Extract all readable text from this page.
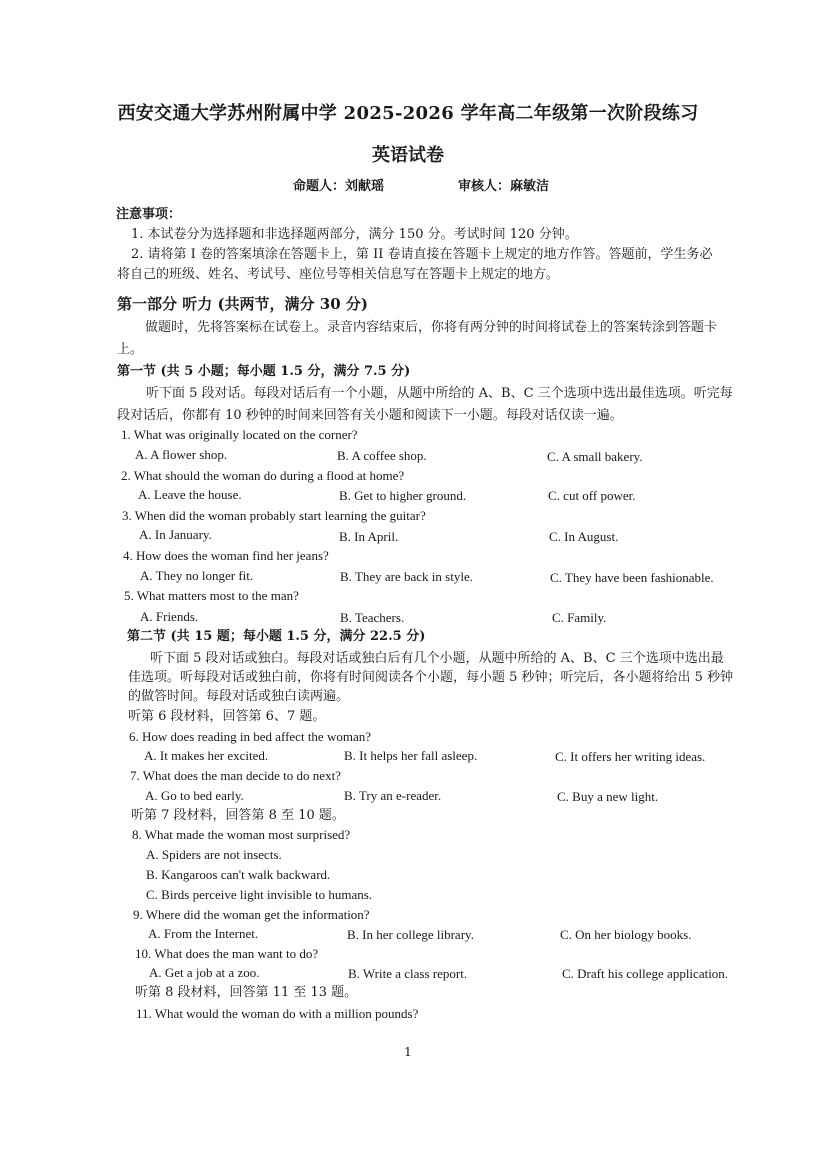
西安交通大学苏州附属中学 2025-2026 学年高二年级第一次阶段练习
英语试卷
命题人：刘献瑶	审核人：麻敏洁
注意事项：
1. 本试卷分为选择题和非选择题两部分，满分 150 分。考试时间 120 分钟。
2. 请将第 I 卷的答案填涂在答题卡上，第 II 卷请直接在答题卡上规定的地方作答。答题前，学生务必
将自己的班级、姓名、考试号、座位号等相关信息写在答题卡上规定的地方。
第一部分 听力 (共两节，满分 30 分)
做题时，先将答案标在试卷上。录音内容结束后，你将有两分钟的时间将试卷上的答案转涂到答题卡
上。
第一节 (共 5 小题；每小题 1.5 分，满分 7.5 分)
听下面 5 段对话。每段对话后有一个小题，从题中所给的 A、B、C 三个选项中选出最佳选项。听完每
段对话后，你都有 10 秒钟的时间来回答有关小题和阅读下一小题。每段对话仅读一遍。
1. What was originally located on the corner?
A. A flower shop.	B. A coffee shop.	C. A small bakery.
2. What should the woman do during a flood at home?
A. Leave the house.	B. Get to higher ground.	C. cut off power.
3. When did the woman probably start learning the guitar?
A. In January.	B. In April.	C. In August.
4. How does the woman find her jeans?
A. They no longer fit.	B. They are back in style.	C. They have been fashionable.
5. What matters most to the man?
A. Friends.	B. Teachers.	C. Family.
第二节 (共 15 题；每小题 1.5 分，满分 22.5 分)
听下面 5 段对话或独白。每段对话或独白后有几个小题，从题中所给的 A、B、C 三个选项中选出最
佳选项。听每段对话或独白前，你将有时间阅读各个小题，每小题 5 秒钟；听完后，各小题将给出 5 秒钟
的做答时间。每段对话或独白读两遍。
听第 6 段材料，回答第 6、7 题。
6. How does reading in bed affect the woman?
A. It makes her excited.	B. It helps her fall asleep.	C. It offers her writing ideas.
7. What does the man decide to do next?
A. Go to bed early.	B. Try an e-reader.	C. Buy a new light.
听第 7 段材料，回答第 8 至 10 题。
8. What made the woman most surprised?
A. Spiders are not insects.
B. Kangaroos can't walk backward.
C. Birds perceive light invisible to humans.
9. Where did the woman get the information?
A. From the Internet.	B. In her college library.	C. On her biology books.
10. What does the man want to do?
A. Get a job at a zoo.	B. Write a class report.	C. Draft his college application.
听第 8 段材料，回答第 11 至 13 题。
11. What would the woman do with a million pounds?
1
